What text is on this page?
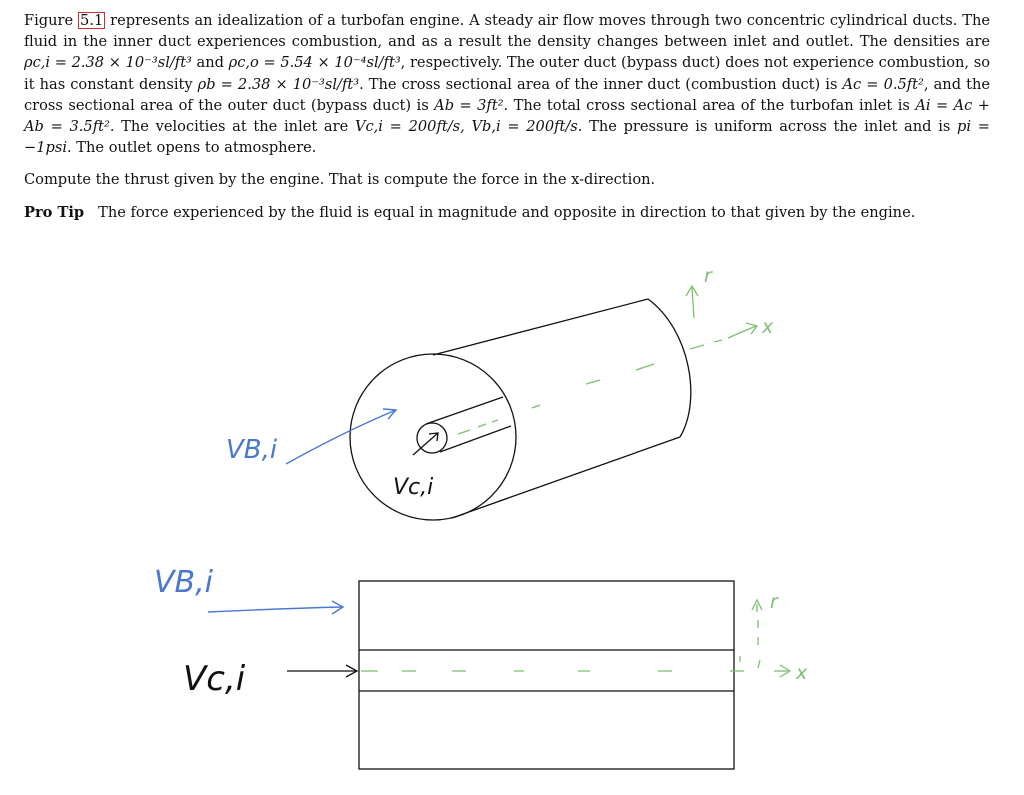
Figure 5.1 represents an idealization of a turbofan engine. A steady air flow moves through two concentric cylindrical ducts. The fluid in the inner duct experiences combustion, and as a result the density changes between inlet and outlet. The densities are ρc,i = 2.38 × 10⁻³sl/ft³ and ρc,o = 5.54 × 10⁻⁴sl/ft³, respectively. The outer duct (bypass duct) does not experience combustion, so it has constant density ρb = 2.38 × 10⁻³sl/ft³. The cross sectional area of the inner duct (combustion duct) is Ac = 0.5ft², and the cross sectional area of the outer duct (bypass duct) is Ab = 3ft². The total cross sectional area of the turbofan inlet is Ai = Ac + Ab = 3.5ft². The velocities at the inlet are Vc,i = 200ft/s, Vb,i = 200ft/s. The pressure is uniform across the inlet and is pi = −1psi. The outlet opens to atmosphere.

Compute the thrust given by the engine. That is compute the force in the x-direction.

Pro Tip The force experienced by the fluid is equal in magnitude and opposite in direction to that given by the engine.

r
x
VB,i
Vc,i
Vc,i
VB,i
r
x
